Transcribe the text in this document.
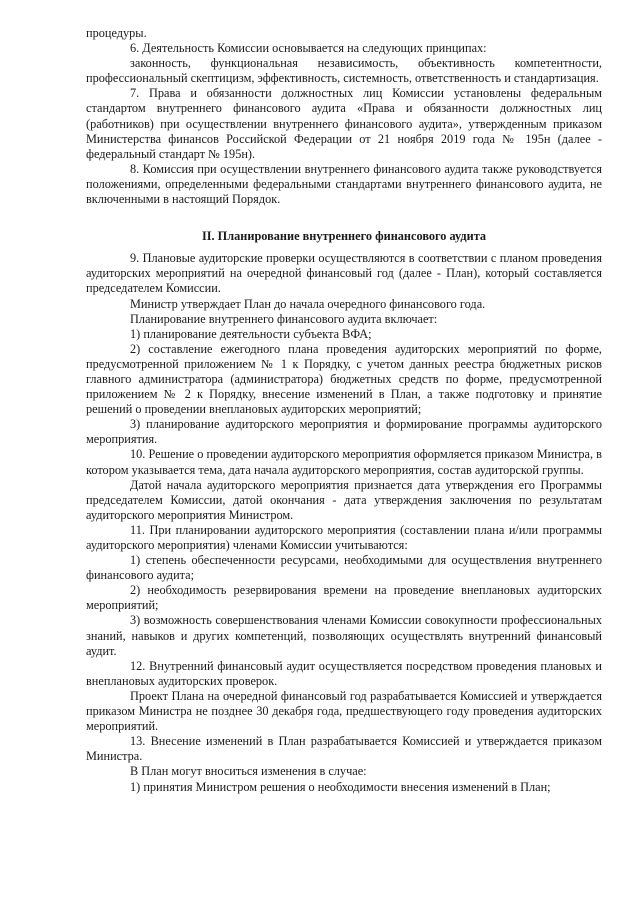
процедуры.

6. Деятельность Комиссии основывается на следующих принципах:

законность, функциональная независимость, объективность компетентности, профессиональный скептицизм, эффективность, системность, ответственность и стандартизация.

7. Права и обязанности должностных лиц Комиссии установлены федеральным стандартом внутреннего финансового аудита «Права и обязанности должностных лиц (работников) при осуществлении внутреннего финансового аудита», утвержденным приказом Министерства финансов Российской Федерации от 21 ноября 2019 года № 195н (далее - федеральный стандарт № 195н).

8. Комиссия при осуществлении внутреннего финансового аудита также руководствуется положениями, определенными федеральными стандартами внутреннего финансового аудита, не включенными в настоящий Порядок.

II. Планирование внутреннего финансового аудита

9. Плановые аудиторские проверки осуществляются в соответствии с планом проведения аудиторских мероприятий на очередной финансовый год (далее - План), который составляется председателем Комиссии.

Министр утверждает План до начала очередного финансового года.

Планирование внутреннего финансового аудита включает:

1) планирование деятельности субъекта ВФА;

2) составление ежегодного плана проведения аудиторских мероприятий по форме, предусмотренной приложением № 1 к Порядку, с учетом данных реестра бюджетных рисков главного администратора (администратора) бюджетных средств по форме, предусмотренной приложением № 2 к Порядку, внесение изменений в План, а также подготовку и принятие решений о проведении внеплановых аудиторских мероприятий;

3) планирование аудиторского мероприятия и формирование программы аудиторского мероприятия.

10. Решение о проведении аудиторского мероприятия оформляется приказом Министра, в котором указывается тема, дата начала аудиторского мероприятия, состав аудиторской группы.

Датой начала аудиторского мероприятия признается дата утверждения его Программы председателем Комиссии, датой окончания - дата утверждения заключения по результатам аудиторского мероприятия Министром.

11. При планировании аудиторского мероприятия (составлении плана и/или программы аудиторского мероприятия) членами Комиссии учитываются:

1) степень обеспеченности ресурсами, необходимыми для осуществления внутреннего финансового аудита;

2) необходимость резервирования времени на проведение внеплановых аудиторских мероприятий;

3) возможность совершенствования членами Комиссии совокупности профессиональных знаний, навыков и других компетенций, позволяющих осуществлять внутренний финансовый аудит.

12. Внутренний финансовый аудит осуществляется посредством проведения плановых и внеплановых аудиторских проверок.

Проект Плана на очередной финансовый год разрабатывается Комиссией и утверждается приказом Министра не позднее 30 декабря года, предшествующего году проведения аудиторских мероприятий.

13. Внесение изменений в План разрабатывается Комиссией и утверждается приказом Министра.

В План могут вноситься изменения в случае:

1) принятия Министром решения о необходимости внесения изменений в План;
